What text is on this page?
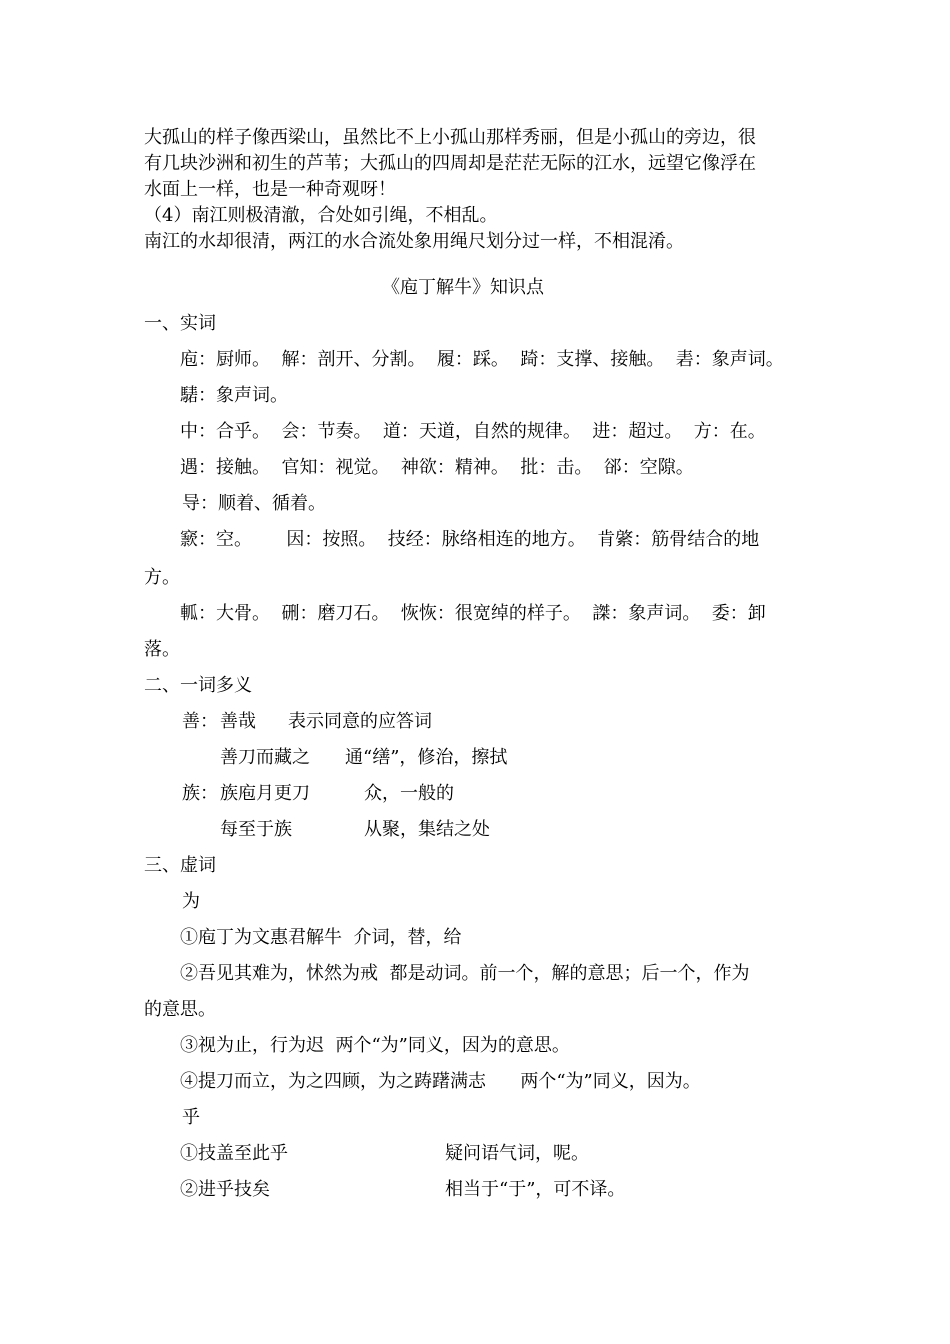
大孤山的样子像西梁山，虽然比不上小孤山那样秀丽，但是小孤山的旁边，很
有几块沙洲和初生的芦苇；大孤山的四周却是茫茫无际的江水，远望它像浮在
水面上一样，也是一种奇观呀！
（4）南江则极清澈，合处如引绳，不相乱。
南江的水却很清，两江的水合流处象用绳尺划分过一样，不相混淆。
《庖丁解牛》知识点
一、实词
庖：厨师。  解：剖开、分割。  履：踩。  踦：支撑、接触。  砉：象声词。
騞：象声词。
中：合乎。  会：节奏。  道：天道，自然的规律。  进：超过。  方：在。
遇：接触。  官知：视觉。  神欲：精神。  批：击。  郤：空隙。
导：顺着、循着。
窾：空。      因：按照。  技经：脉络相连的地方。  肯綮：筋骨结合的地
方。
軱：大骨。  硎：磨刀石。  恢恢：很宽绰的样子。  謋：象声词。  委：卸
落。
二、一词多义
善： 善哉 表示同意的应答词
善刀而藏之 通“缮”，修治，擦拭
族： 族庖月更刀	众，一般的
每至于族	从聚，集结之处
三、虚词
为
①庖丁为文惠君解牛  介词，替，给
②吾见其难为，怵然为戒  都是动词。前一个，解的意思；后一个，作为
的意思。
③视为止，行为迟  两个“为”同义，因为的意思。
④提刀而立，为之四顾，为之踌躇满志      两个“为”同义，因为。
乎
①技盖至此乎	疑问语气词，呢。
②进乎技矣	相当于“于”，可不译。
